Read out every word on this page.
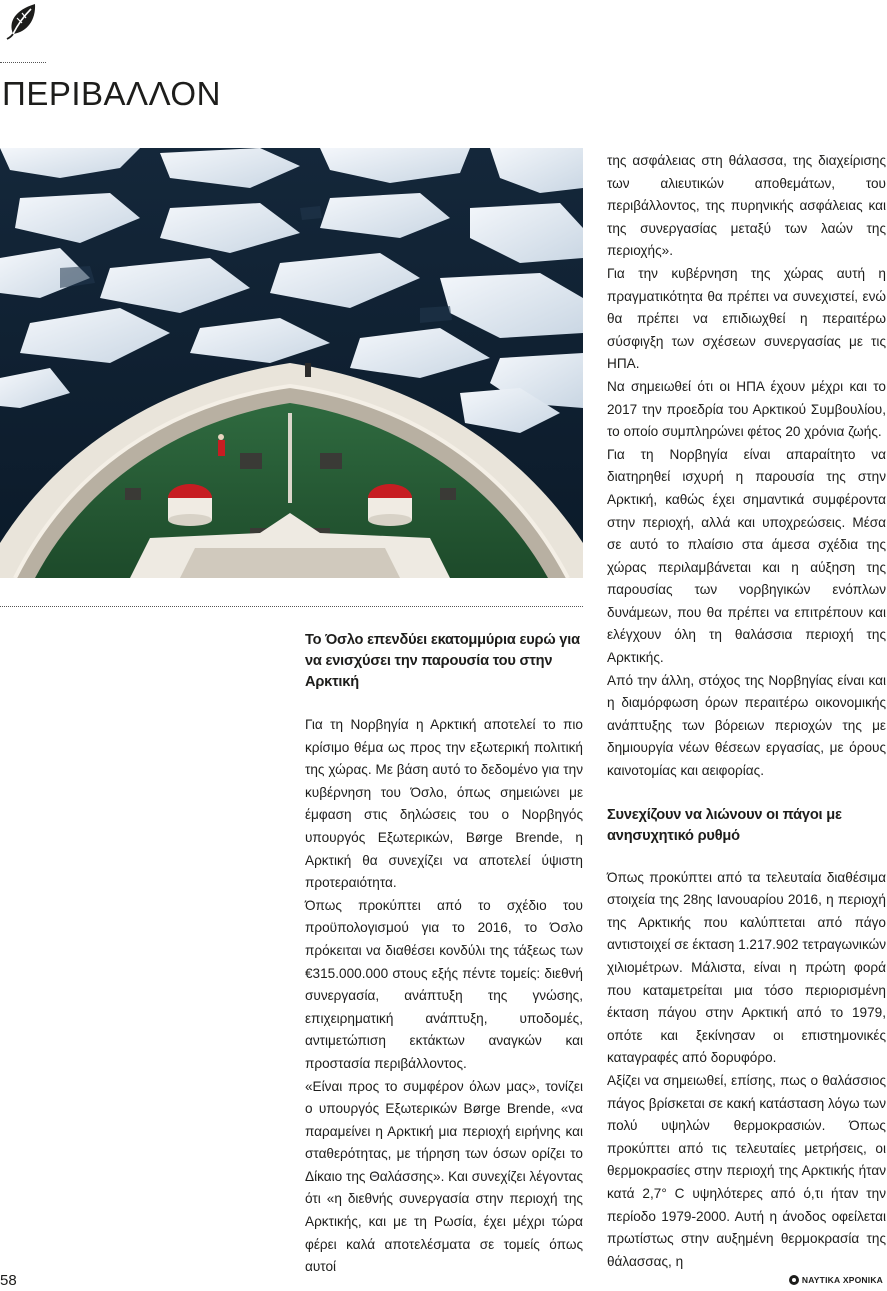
ΠΕΡΙΒΑΛΛΟΝ
Το Όσλο επενδύει εκατομμύρια ευρώ για να ενισχύσει την παρουσία του στην Αρκτική

Για τη Νορβηγία η Αρκτική αποτελεί το πιο κρίσιμο θέμα ως προς την εξωτερική πολιτική της χώρας. Με βάση αυτό το δεδομένο για την κυβέρνηση του Όσλο, όπως σημειώνει με έμφαση στις δηλώσεις του ο Νορβηγός υπουργός Εξωτερικών, Børge Brende, η Αρκτική θα συνεχίζει να αποτελεί ύψιστη προτεραιότητα.

Όπως προκύπτει από το σχέδιο του προϋπολογισμού για το 2016, το Όσλο πρόκειται να διαθέσει κονδύλι της τάξεως των €315.000.000 στους εξής πέντε τομείς: διεθνή συνεργασία, ανάπτυξη της γνώσης, επιχειρηματική ανάπτυξη, υποδομές, αντιμετώπιση εκτάκτων αναγκών και προστασία περιβάλλοντος.

«Είναι προς το συμφέρον όλων μας», τονίζει ο υπουργός Εξωτερικών Børge Brende, «να παραμείνει η Αρκτική μια περιοχή ειρήνης και σταθερότητας, με τήρηση των όσων ορίζει το Δίκαιο της Θαλάσσης». Και συνεχίζει λέγοντας ότι «η διεθνής συνεργασία στην περιοχή της Αρκτικής, και με τη Ρωσία, έχει μέχρι τώρα φέρει καλά αποτελέσματα σε τομείς όπως αυτοί

της ασφάλειας στη θάλασσα, της διαχείρισης των αλιευτικών αποθεμάτων, του περιβάλλοντος, της πυρηνικής ασφάλειας και της συνεργασίας μεταξύ των λαών της περιοχής».

Για την κυβέρνηση της χώρας αυτή η πραγματικότητα θα πρέπει να συνεχιστεί, ενώ θα πρέπει να επιδιωχθεί η περαιτέρω σύσφιγξη των σχέσεων συνεργασίας με τις ΗΠΑ.

Να σημειωθεί ότι οι ΗΠΑ έχουν μέχρι και το 2017 την προεδρία του Αρκτικού Συμβουλίου, το οποίο συμπληρώνει φέτος 20 χρόνια ζωής.

Για τη Νορβηγία είναι απαραίτητο να διατηρηθεί ισχυρή η παρουσία της στην Αρκτική, καθώς έχει σημαντικά συμφέροντα στην περιοχή, αλλά και υποχρεώσεις. Μέσα σε αυτό το πλαίσιο στα άμεσα σχέδια της χώρας περιλαμβάνεται και η αύξηση της παρουσίας των νορβηγικών ενόπλων δυνάμεων, που θα πρέπει να επιτρέπουν και ελέγχουν όλη τη θαλάσσια περιοχή της Αρκτικής.

Από την άλλη, στόχος της Νορβηγίας είναι και η διαμόρφωση όρων περαιτέρω οικονομικής ανάπτυξης των βόρειων περιοχών της με δημιουργία νέων θέσεων εργασίας, με όρους καινοτομίας και αειφορίας.

Συνεχίζουν να λιώνουν οι πάγοι με ανησυχητικό ρυθμό

Όπως προκύπτει από τα τελευταία διαθέσιμα στοιχεία της 28ης Ιανουαρίου 2016, η περιοχή της Αρκτικής που καλύπτεται από πάγο αντιστοιχεί σε έκταση 1.217.902 τετραγωνικών χιλιομέτρων. Μάλιστα, είναι η πρώτη φορά που καταμετρείται μια τόσο περιορισμένη έκταση πάγου στην Αρκτική από το 1979, οπότε και ξεκίνησαν οι επιστημονικές καταγραφές από δορυφόρο.

Αξίζει να σημειωθεί, επίσης, πως ο θαλάσσιος πάγος βρίσκεται σε κακή κατάσταση λόγω των πολύ υψηλών θερμοκρασιών. Όπως προκύπτει από τις τελευταίες μετρήσεις, οι θερμοκρασίες στην περιοχή της Αρκτικής ήταν κατά 2,7° C υψηλότερες από ό,τι ήταν την περίοδο 1979-2000. Αυτή η άνοδος οφείλεται πρωτίστως στην αυξημένη θερμοκρασία της θάλασσας, η

58	ΝΑΥΤΙΚΑ ΧΡΟΝΙΚΑ
